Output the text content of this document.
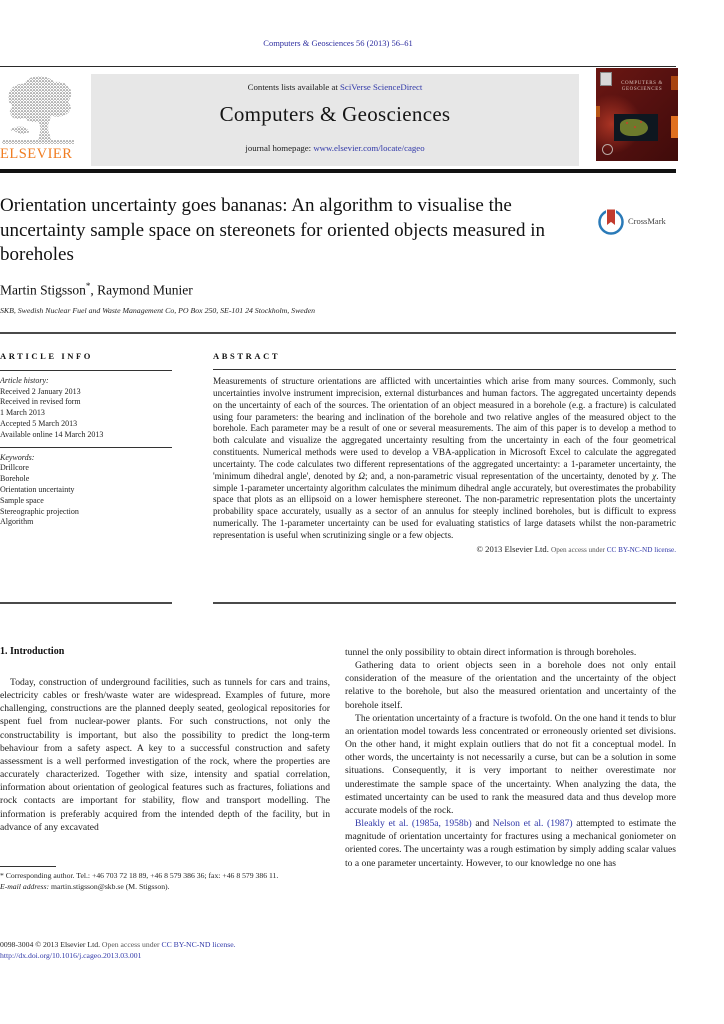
Computers & Geosciences 56 (2013) 56–61
ELSEVIER
Contents lists available at SciVerse ScienceDirect
Computers & Geosciences
journal homepage: www.elsevier.com/locate/cageo
COMPUTERS & GEOSCIENCES
Orientation uncertainty goes bananas: An algorithm to visualise the uncertainty sample space on stereonets for oriented objects measured in boreholes
CrossMark
Martin Stigsson*, Raymond Munier
SKB, Swedish Nuclear Fuel and Waste Management Co, PO Box 250, SE-101 24 Stockholm, Sweden
ARTICLE INFO
Article history:
Received 2 January 2013
Received in revised form
1 March 2013
Accepted 5 March 2013
Available online 14 March 2013
Keywords:
Drillcore
Borehole
Orientation uncertainty
Sample space
Stereographic projection
Algorithm
ABSTRACT

Measurements of structure orientations are afflicted with uncertainties which arise from many sources. Commonly, such uncertainties involve instrument imprecision, external disturbances and human factors. The aggregated uncertainty depends on the uncertainty of each of the sources. The orientation of an object measured in a borehole (e.g. a fracture) is calculated using four parameters: the bearing and inclination of the borehole and two relative angles of the measured object to the borehole. Each parameter may be a result of one or several measurements. The aim of this paper is to develop a method to both calculate and visualize the aggregated uncertainty resulting from the uncertainty in each of the four geometrical constituents. Numerical methods were used to develop a VBA-application in Microsoft Excel to calculate the aggregated uncertainty. The code calculates two different representations of the aggregated uncertainty: a 1-parameter uncertainty, the 'minimum dihedral angle', denoted by Ω; and, a non-parametric visual representation of the uncertainty, denoted by χ. The simple 1-parameter uncertainty algorithm calculates the minimum dihedral angle accurately, but overestimates the probability space that plots as an ellipsoid on a lower hemisphere stereonet. The non-parametric representation plots the uncertainty probability space accurately, usually as a sector of an annulus for steeply inclined boreholes, but is difficult to express numerically. The 1-parameter uncertainty can be used for evaluating statistics of large datasets whilst the non-parametric representation is useful when scrutinizing single or a few objects.

© 2013 Elsevier Ltd. Open access under CC BY-NC-ND license.
1. Introduction

Today, construction of underground facilities, such as tunnels for cars and trains, electricity cables or fresh/waste water are widespread. Examples of future, more challenging, constructions are the planned deeply seated, geological repositories for spent fuel from nuclear-power plants. For such constructions, not only the constructability is important, but also the possibility to predict the long-term behaviour from a safety aspect. A key to a successful construction and safety assessment is a well performed investigation of the rock, where the properties are accurately characterized. Together with size, intensity and spatial correlation, information about orientation of geological features such as fractures, foliations and rock contacts are important for stability, flow and transport modelling. The information is preferably acquired from the intended depth of the facility, but in advance of any excavated

tunnel the only possibility to obtain direct information is through boreholes.

Gathering data to orient objects seen in a borehole does not only entail consideration of the measure of the orientation and the uncertainty of the object relative to the borehole, but also the measured orientation and uncertainty of the borehole itself.

The orientation uncertainty of a fracture is twofold. On the one hand it tends to blur an orientation model towards less concentrated or erroneously oriented set divisions. On the other hand, it might explain outliers that do not fit a conceptual model. In other words, the uncertainty is not necessarily a curse, but can be a solution in some situations. Consequently, it is very important to neither overestimate nor underestimate the sample space of the uncertainty. When analyzing the data, the estimated uncertainty can be used to rank the measured data and thus develop more accurate models of the rock.

Bleakly et al. (1985a, 1958b) and Nelson et al. (1987) attempted to estimate the magnitude of orientation uncertainty for fractures using a mechanical goniometer on oriented cores. The uncertainty was a rough estimation by simply adding scalar values to a one parameter uncertainty. However, to our knowledge no one has

* Corresponding author. Tel.: +46 703 72 18 89, +46 8 579 386 36; fax: +46 8 579 386 11.
E-mail address: martin.stigsson@skb.se (M. Stigsson).
0098-3004 © 2013 Elsevier Ltd. Open access under CC BY-NC-ND license.
http://dx.doi.org/10.1016/j.cageo.2013.03.001
